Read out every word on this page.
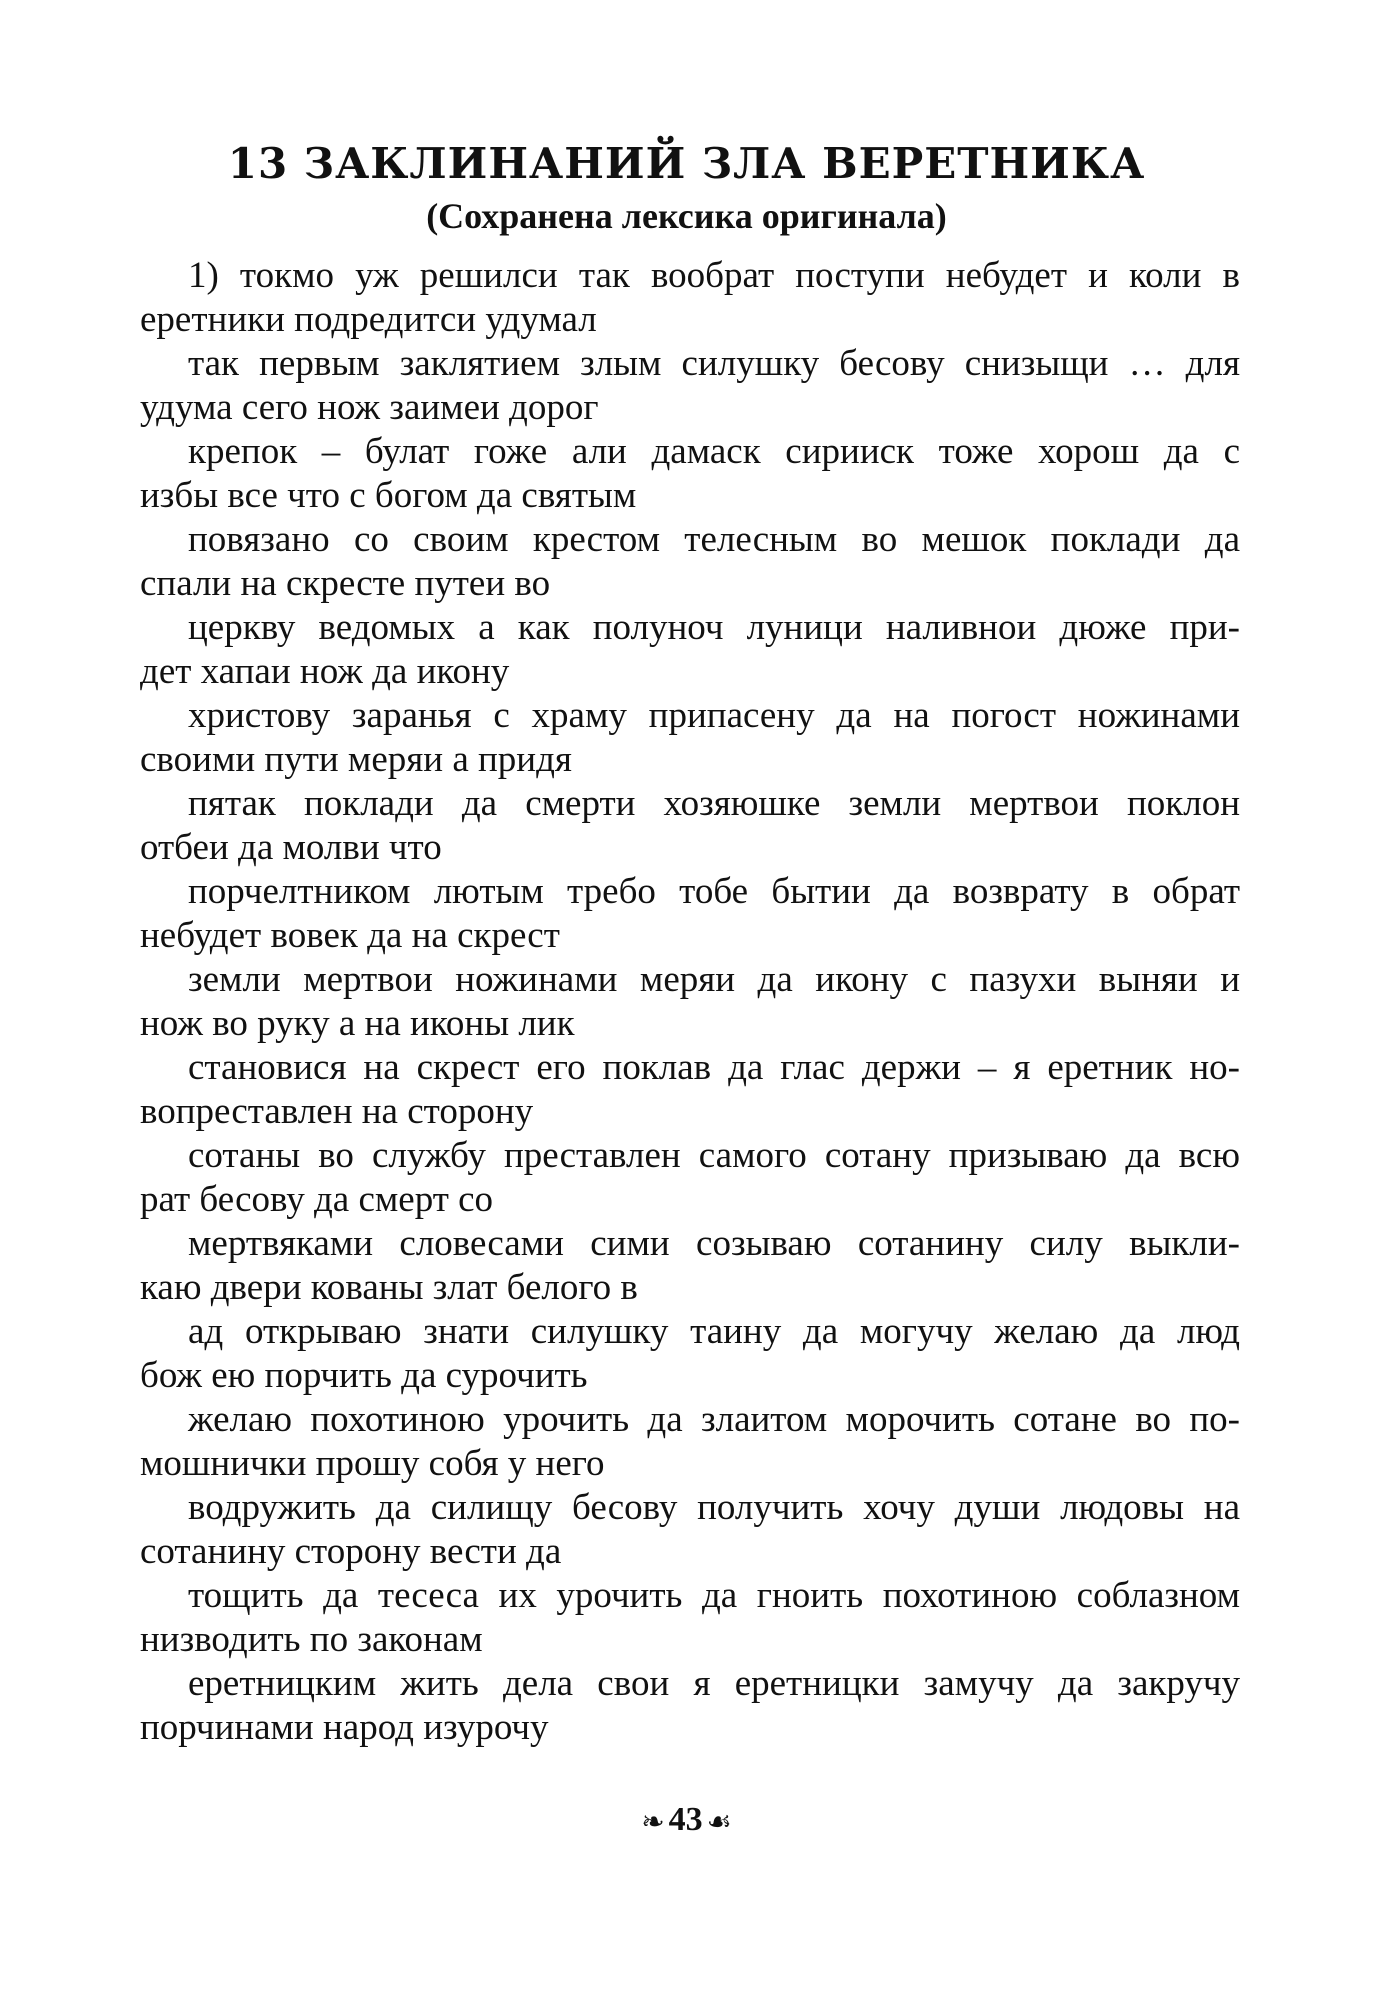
13 ЗАКЛИНАНИЙ ЗЛА ВЕРЕТНИКА
(Сохранена лексика оригинала)

1) токмо уж решилси так вообрат поступи небудет и коли в
еретники подредитси удумал

так первым заклятием злым силушку бесову снизыщи … для
удума сего нож заимеи дорог

крепок – булат гоже али дамаск сирииск тоже хорош да с
избы все что с богом да святым

повязано со своим крестом телесным во мешок поклади да
спали на скресте путеи во

церкву ведомых а как полуноч луници наливнои дюже при-
дет хапаи нож да икону

христову заранья с храму припасену да на погост ножинами
своими пути меряи а придя

пятак поклади да смерти хозяюшке земли мертвои поклон
отбеи да молви что

порчелтником лютым требо тобе бытии да возврату в обрат
небудет вовек да на скрест

земли мертвои ножинами меряи да икону с пазухи выняи и
нож во руку а на иконы лик

становися на скрест его поклав да глас держи – я еретник но-
вопреставлен на сторону

сотаны во службу преставлен самого сотану призываю да всю
рат бесову да смерт со

мертвяками словесами сими созываю сотанину силу выкли-
каю двери кованы злат белого в

ад открываю знати силушку таину да могучу желаю да люд
бож ею порчить да сурочить

желаю похотиною урочить да злаитом морочить сотане во по-
мошнички прошу собя у него

водружить да силищу бесову получить хочу души людовы на
сотанину сторону вести да

тощить да тесеса их урочить да гноить похотиною соблазном
низводить по законам

еретницким жить дела свои я еретницки замучу да закручу
порчинами народ изурочу

❧ 43 ☙
